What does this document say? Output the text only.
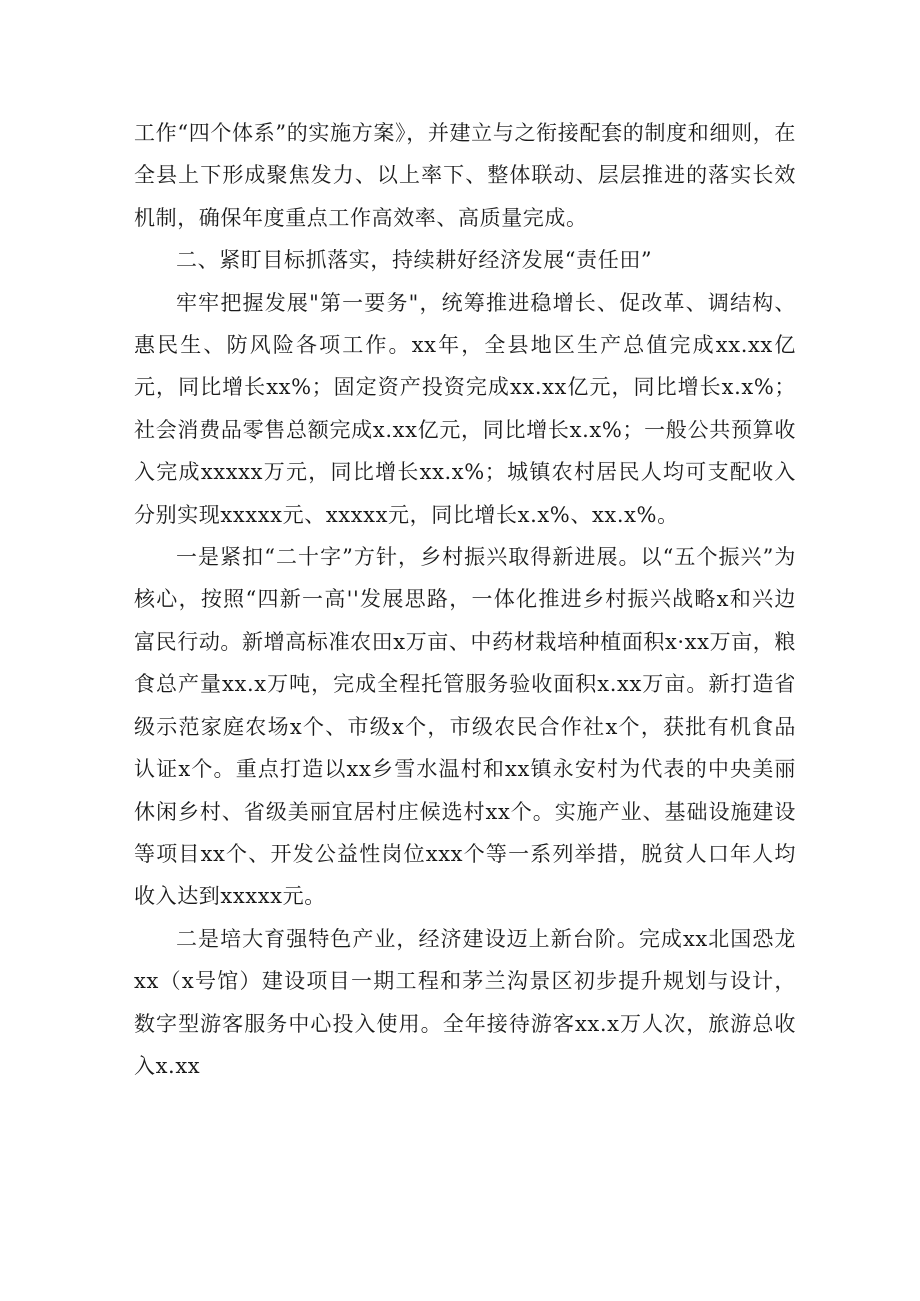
工作“四个体系”的实施方案》，并建立与之衔接配套的制度和细则，在全县上下形成聚焦发力、以上率下、整体联动、层层推进的落实长效机制，确保年度重点工作高效率、高质量完成。

二、紧盯目标抓落实，持续耕好经济发展“责任田”

牢牢把握发展"第一要务"，统筹推进稳增长、促改革、调结构、惠民生、防风险各项工作。xx年，全县地区生产总值完成xx.xx亿元，同比增长xx%；固定资产投资完成xx.xx亿元，同比增长x.x%；社会消费品零售总额完成x.xx亿元，同比增长x.x%；一般公共预算收入完成xxxxx万元，同比增长xx.x%；城镇农村居民人均可支配收入分别实现xxxxx元、xxxxx元，同比增长x.x%、xx.x%。

一是紧扣“二十字”方针，乡村振兴取得新进展。以“五个振兴”为核心，按照“四新一高''发展思路，一体化推进乡村振兴战略x和兴边富民行动。新增高标准农田x万亩、中药材栽培种植面积x·xx万亩，粮食总产量xx.x万吨，完成全程托管服务验收面积x.xx万亩。新打造省级示范家庭农场x个、市级x个，市级农民合作社x个，获批有机食品认证x个。重点打造以xx乡雪水温村和xx镇永安村为代表的中央美丽休闲乡村、省级美丽宜居村庄候选村xx个。实施产业、基础设施建设等项目xx个、开发公益性岗位xxx个等一系列举措，脱贫人口年人均收入达到xxxxx元。

二是培大育强特色产业，经济建设迈上新台阶。完成xx北国恐龙xx（x号馆）建设项目一期工程和茅兰沟景区初步提升规划与设计，数字型游客服务中心投入使用。全年接待游客xx.x万人次，旅游总收入x.xx
